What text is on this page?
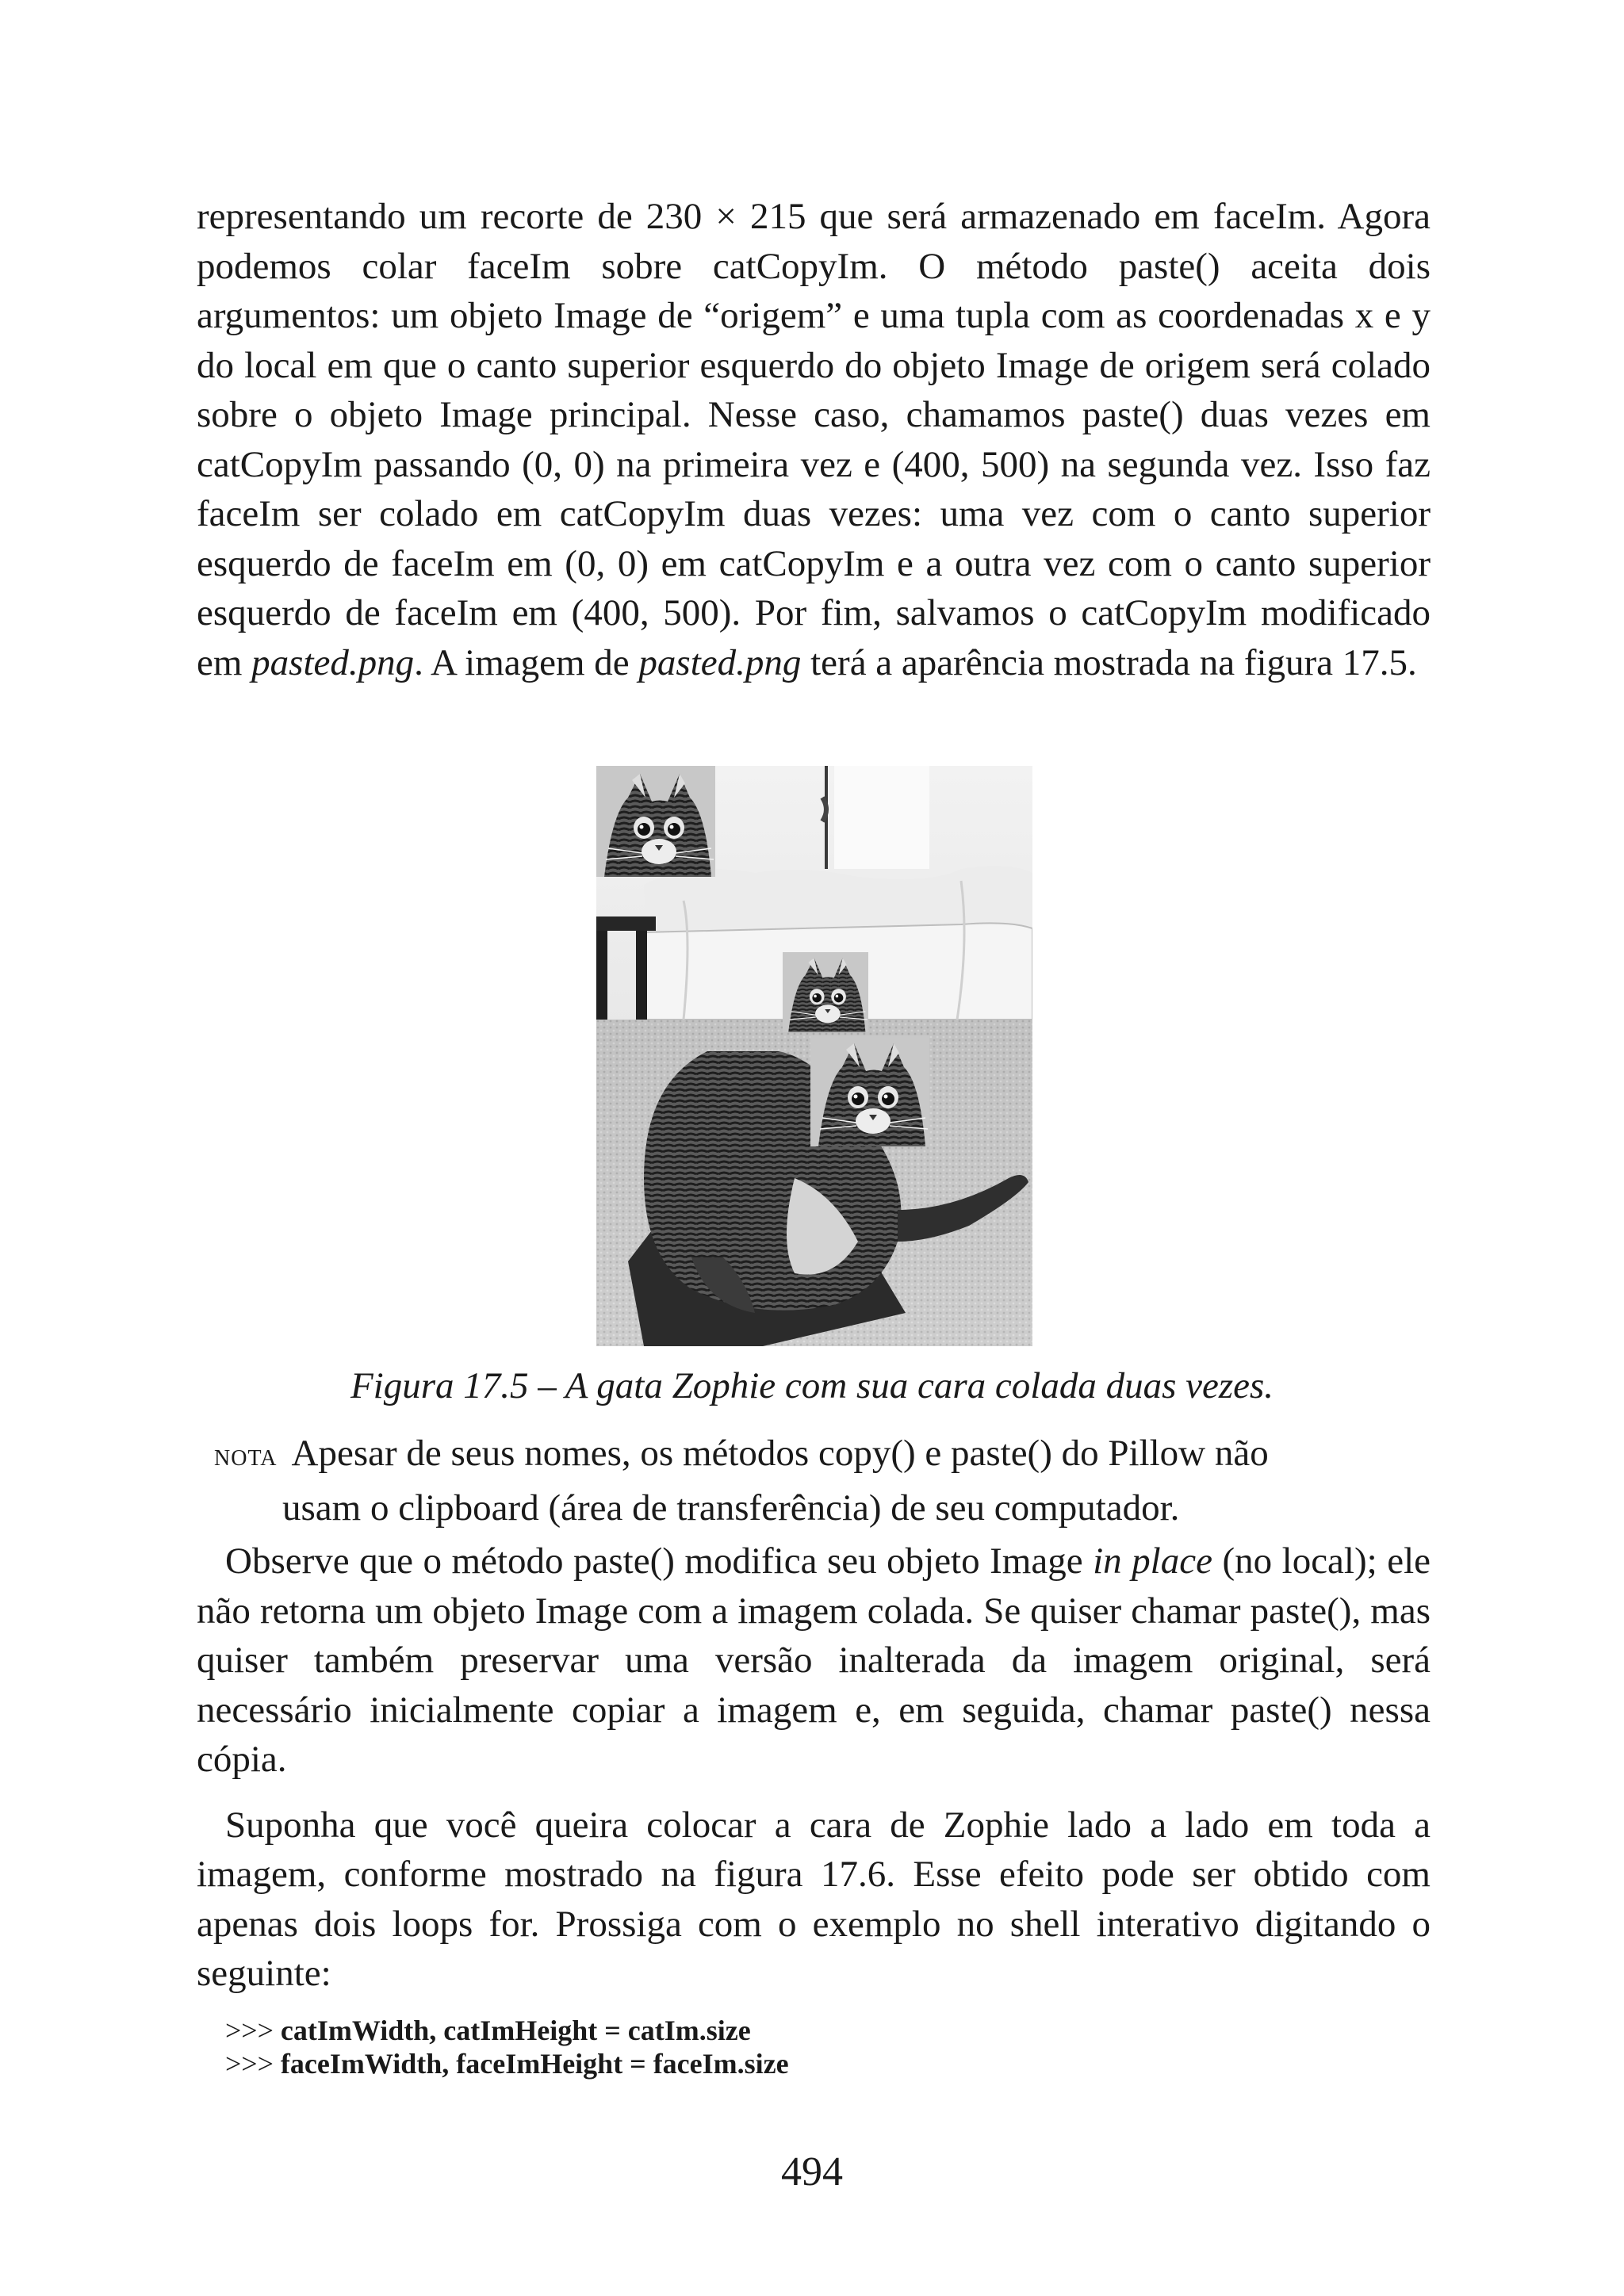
representando um recorte de 230 × 215 que será armazenado em faceIm. Agora podemos colar faceIm sobre catCopyIm. O método paste() aceita dois argumentos: um objeto Image de “origem” e uma tupla com as coordenadas x e y do local em que o canto superior esquerdo do objeto Image de origem será colado sobre o objeto Image principal. Nesse caso, chamamos paste() duas vezes em catCopyIm passando (0, 0) na primeira vez e (400, 500) na segunda vez. Isso faz faceIm ser colado em catCopyIm duas vezes: uma vez com o canto superior esquerdo de faceIm em (0, 0) em catCopyIm e a outra vez com o canto superior esquerdo de faceIm em (400, 500). Por fim, salvamos o catCopyIm modificado em pasted.png. A imagem de pasted.png terá a aparência mostrada na figura 17.5.

Figura 17.5 – A gata Zophie com sua cara colada duas vezes.
NOTA Apesar de seus nomes, os métodos copy() e paste() do Pillow não
usam o clipboard (área de transferência) de seu computador.

Observe que o método paste() modifica seu objeto Image in place (no local); ele não retorna um objeto Image com a imagem colada. Se quiser chamar paste(), mas quiser também preservar uma versão inalterada da imagem original, será necessário inicialmente copiar a imagem e, em seguida, chamar paste() nessa cópia.

Suponha que você queira colocar a cara de Zophie lado a lado em toda a imagem, conforme mostrado na figura 17.6. Esse efeito pode ser obtido com apenas dois loops for. Prossiga com o exemplo no shell interativo digitando o seguinte:

>>> catImWidth, catImHeight = catIm.size
>>> faceImWidth, faceImHeight = faceIm.size
494
